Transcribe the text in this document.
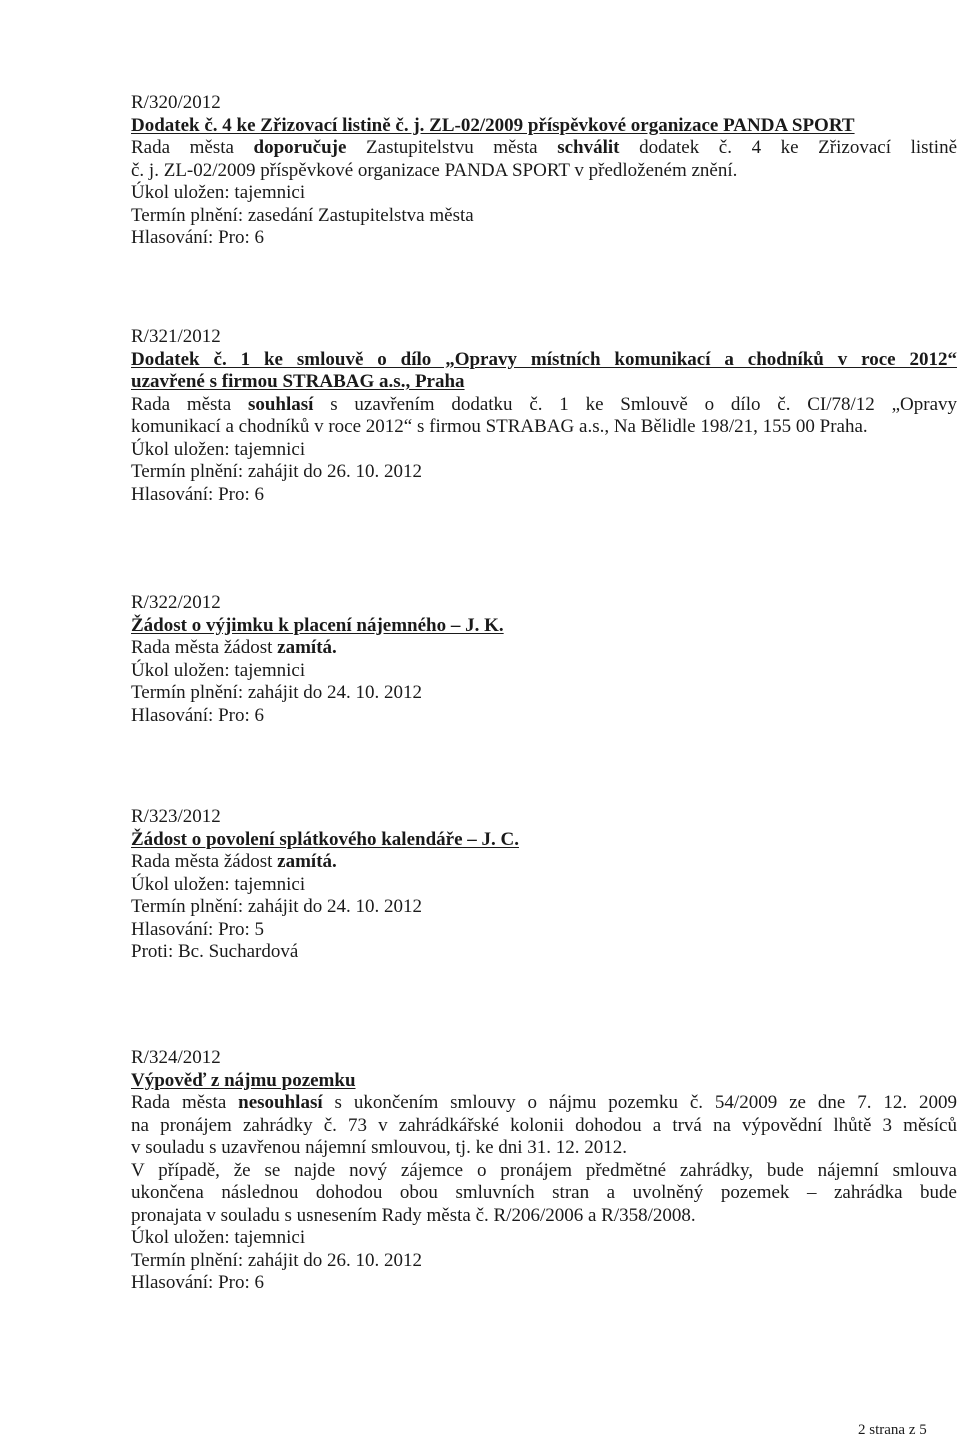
R/320/2012
Dodatek č. 4 ke Zřizovací listině č. j. ZL-02/2009 příspěvkové organizace PANDA SPORT
Rada města doporučuje Zastupitelstvu města schválit dodatek č. 4 ke Zřizovací listině
č. j. ZL-02/2009 příspěvkové organizace PANDA SPORT v předloženém znění.
Úkol uložen: tajemnici
Termín plnění: zasedání Zastupitelstva města
Hlasování: Pro: 6
R/321/2012
Dodatek č. 1 ke smlouvě o dílo „Opravy místních komunikací a chodníků v roce 2012“
uzavřené s firmou STRABAG a.s., Praha
Rada města souhlasí s uzavřením dodatku č. 1 ke Smlouvě o dílo č. CI/78/12 „Opravy
komunikací a chodníků v roce 2012“ s firmou STRABAG a.s., Na Bělidle 198/21, 155 00 Praha.
Úkol uložen: tajemnici
Termín plnění: zahájit do 26. 10. 2012
Hlasování: Pro: 6
R/322/2012
Žádost o výjimku k placení nájemného – J. K.
Rada města žádost zamítá.
Úkol uložen: tajemnici
Termín plnění: zahájit do 24. 10. 2012
Hlasování: Pro: 6
R/323/2012
Žádost o povolení splátkového kalendáře – J. C.
Rada města žádost zamítá.
Úkol uložen: tajemnici
Termín plnění: zahájit do 24. 10. 2012
Hlasování: Pro: 5
Proti: Bc. Suchardová
R/324/2012
Výpověď z nájmu pozemku
Rada města nesouhlasí s ukončením smlouvy o nájmu pozemku č. 54/2009 ze dne 7. 12. 2009
na pronájem zahrádky č. 73 v zahrádkářské kolonii dohodou a trvá na výpovědní lhůtě 3 měsíců
v souladu s uzavřenou nájemní smlouvou, tj. ke dni 31. 12. 2012.
V případě, že se najde nový zájemce o pronájem předmětné zahrádky, bude nájemní smlouva
ukončena následnou dohodou obou smluvních stran a uvolněný pozemek – zahrádka bude
pronajata v souladu s usnesením Rady města č. R/206/2006 a R/358/2008.
Úkol uložen: tajemnici
Termín plnění: zahájit do 26. 10. 2012
Hlasování: Pro: 6
2 strana z 5
